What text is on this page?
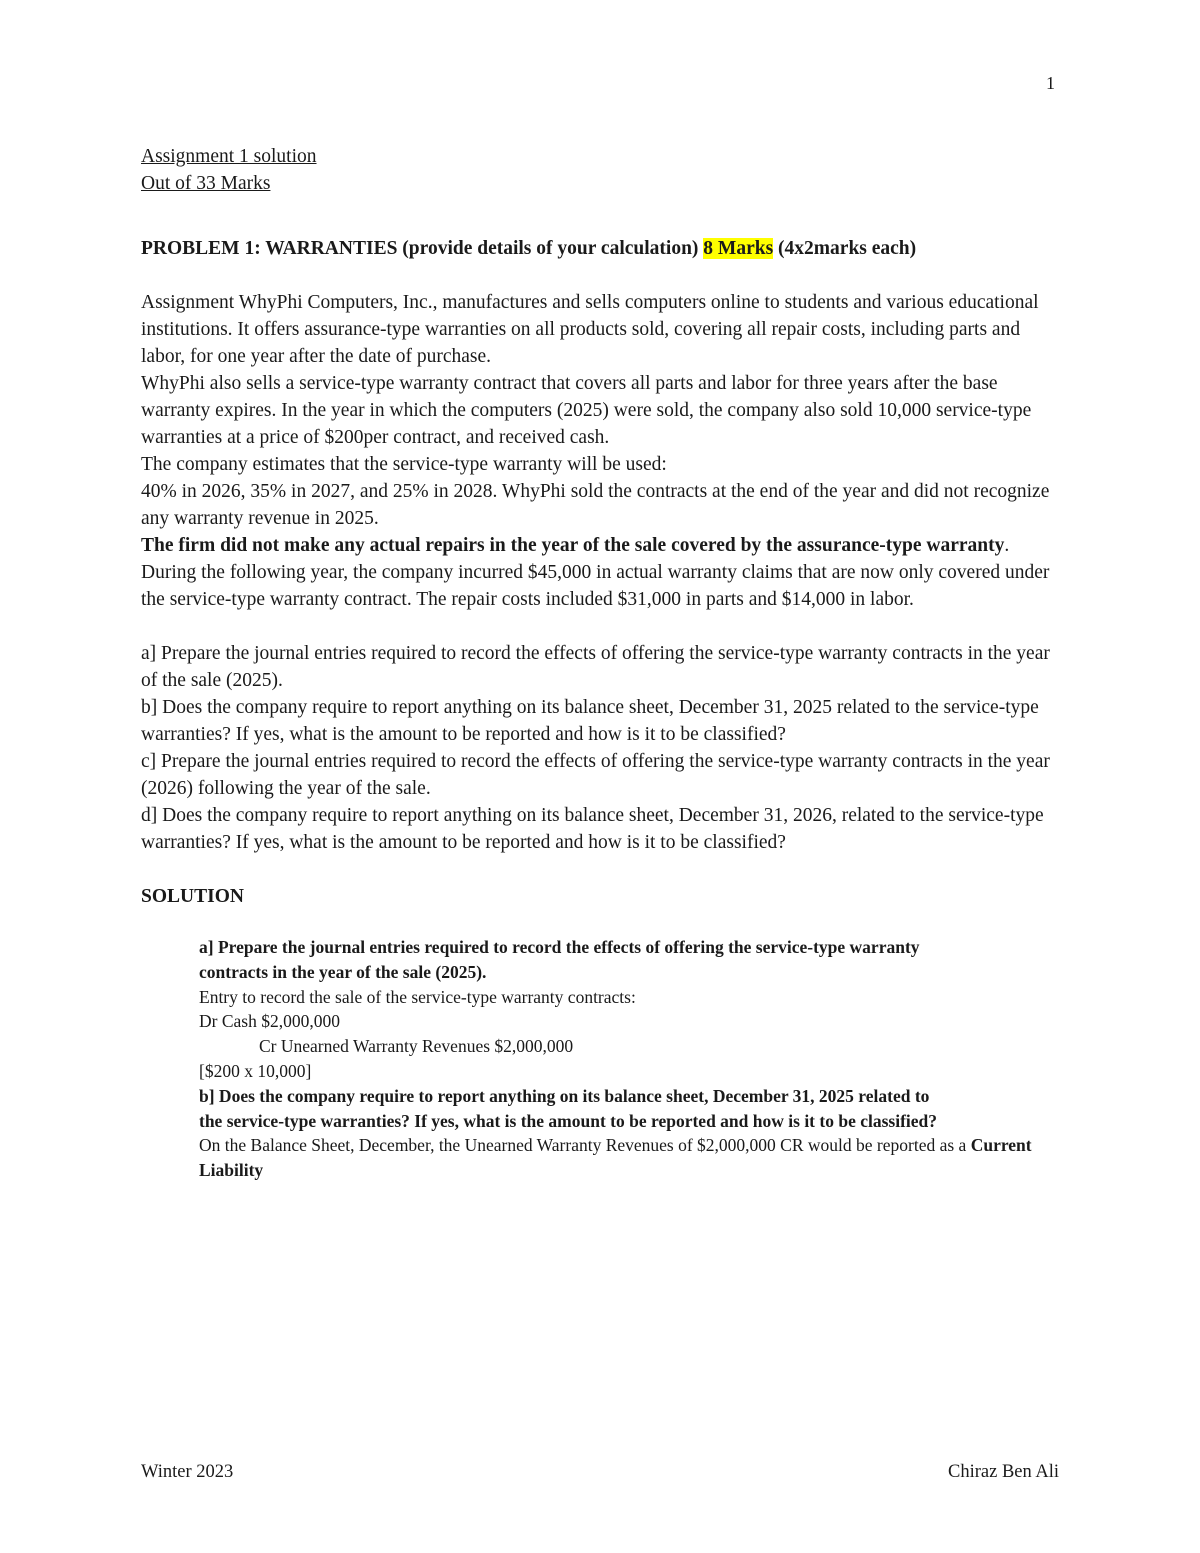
1
Assignment 1 solution
Out of 33 Marks
PROBLEM 1: WARRANTIES (provide details of your calculation) 8 Marks (4x2marks each)
Assignment WhyPhi Computers, Inc., manufactures and sells computers online to students and various educational institutions. It offers assurance-type warranties on all products sold, covering all repair costs, including parts and labor, for one year after the date of purchase.
WhyPhi also sells a service-type warranty contract that covers all parts and labor for three years after the base warranty expires. In the year in which the computers (2025) were sold, the company also sold 10,000 service-type warranties at a price of $200per contract, and received cash.
The company estimates that the service-type warranty will be used:
40% in 2026, 35% in 2027, and 25% in 2028. WhyPhi sold the contracts at the end of the year and did not recognize any warranty revenue in 2025.
The firm did not make any actual repairs in the year of the sale covered by the assurance-type warranty. During the following year, the company incurred $45,000 in actual warranty claims that are now only covered under the service-type warranty contract. The repair costs included $31,000 in parts and $14,000 in labor.
a] Prepare the journal entries required to record the effects of offering the service-type warranty contracts in the year of the sale (2025).
b] Does the company require to report anything on its balance sheet, December 31, 2025 related to the service-type warranties? If yes, what is the amount to be reported and how is it to be classified?
c] Prepare the journal entries required to record the effects of offering the service-type warranty contracts in the year (2026) following the year of the sale.
d] Does the company require to report anything on its balance sheet, December 31, 2026, related to the service-type warranties? If yes, what is the amount to be reported and how is it to be classified?
SOLUTION
a] Prepare the journal entries required to record the effects of offering the service-type warranty
contracts in the year of the sale (2025).
Entry to record the sale of the service-type warranty contracts:
Dr Cash $2,000,000
Cr Unearned Warranty Revenues $2,000,000
[$200 x 10,000]
b] Does the company require to report anything on its balance sheet, December 31, 2025 related to
the service-type warranties? If yes, what is the amount to be reported and how is it to be classified?
On the Balance Sheet, December, the Unearned Warranty Revenues of $2,000,000 CR would be reported as a Current Liability
Winter 2023	Chiraz Ben Ali
